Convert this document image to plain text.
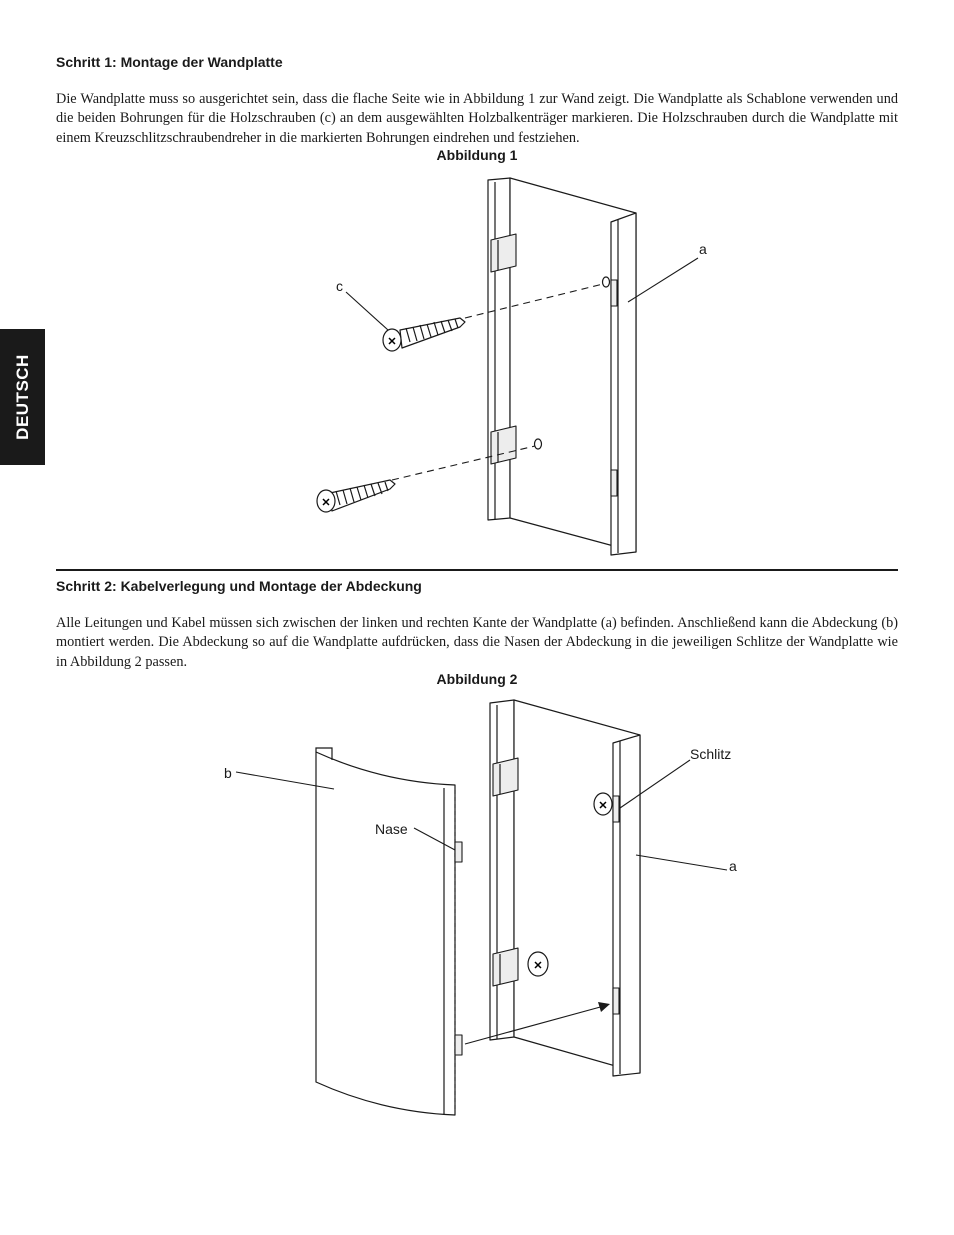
DEUTSCH
Schritt 1: Montage der Wandplatte
Die Wandplatte muss so ausgerichtet sein, dass die flache Seite wie in Abbildung 1 zur Wand zeigt. Die Wandplatte als Schablone verwenden und die beiden Bohrungen für die Holzschrauben (c) an dem ausgewählten Holzbalkenträger markieren. Die Holzschrauben durch die Wandplatte mit einem Kreuzschlitzschraubendreher in die markierten Bohrungen eindrehen und festziehen.
Abbildung 1
✕
✕
c
a
Schritt 2: Kabelverlegung und Montage der Abdeckung
Alle Leitungen und Kabel müssen sich zwischen der linken und rechten Kante der Wandplatte (a) befinden. Anschließend kann die Abdeckung (b) montiert werden. Die Abdeckung so auf die Wandplatte aufdrücken, dass die Nasen der Abdeckung in die jeweiligen Schlitze der Wandplatte wie in Abbildung 2 passen.
Abbildung 2
✕
✕
b
Nase
Schlitz
a
